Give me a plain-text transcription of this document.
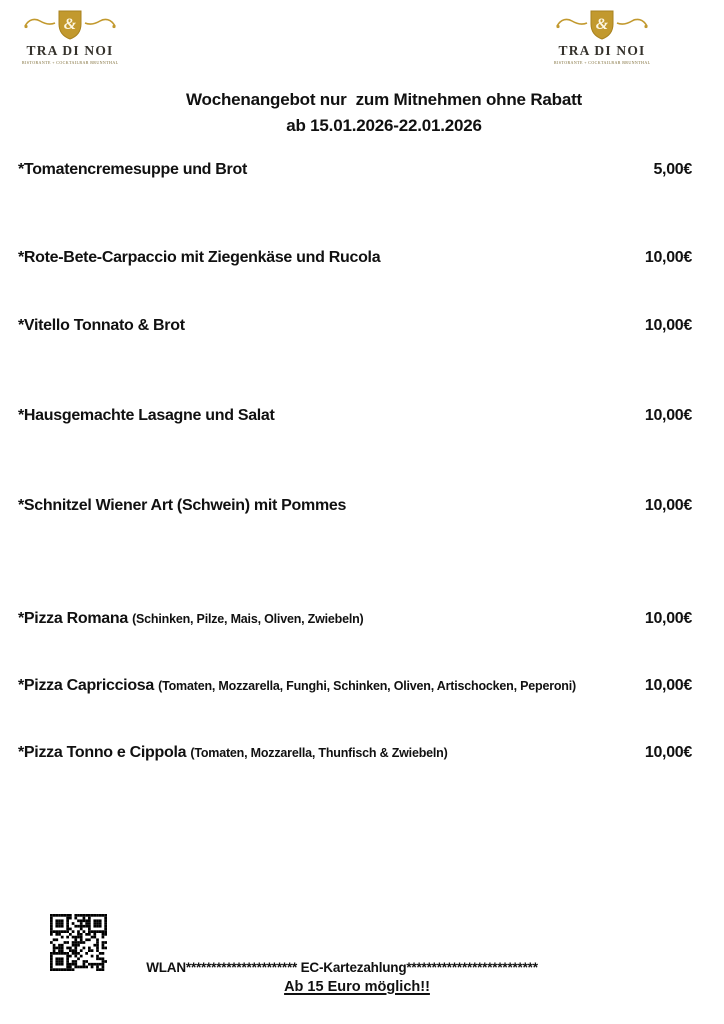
&
TRA DI NOI
RISTORANTE + COCKTAILBAR BRUNNTHAL
&
TRA DI NOI
RISTORANTE + COCKTAILBAR BRUNNTHAL
Wochenangebot nur  zum Mitnehmen ohne Rabatt
ab 15.01.2026-22.01.2026
*Tomatencremesuppe und Brot	5,00€
*Rote-Bete-Carpaccio mit Ziegenkäse und Rucola	10,00€
*Vitello Tonnato & Brot	10,00€
*Hausgemachte Lasagne und Salat	10,00€
*Schnitzel Wiener Art (Schwein) mit Pommes	10,00€
*Pizza Romana (Schinken, Pilze, Mais, Oliven, Zwiebeln)	10,00€
*Pizza Capricciosa (Tomaten, Mozzarella, Funghi, Schinken, Oliven, Artischocken, Peperoni)	10,00€
*Pizza Tonno e Cippola (Tomaten, Mozzarella, Thunfisch & Zwiebeln)	10,00€
WLAN********************** EC-Kartezahlung**************************
Ab 15 Euro möglich!!
